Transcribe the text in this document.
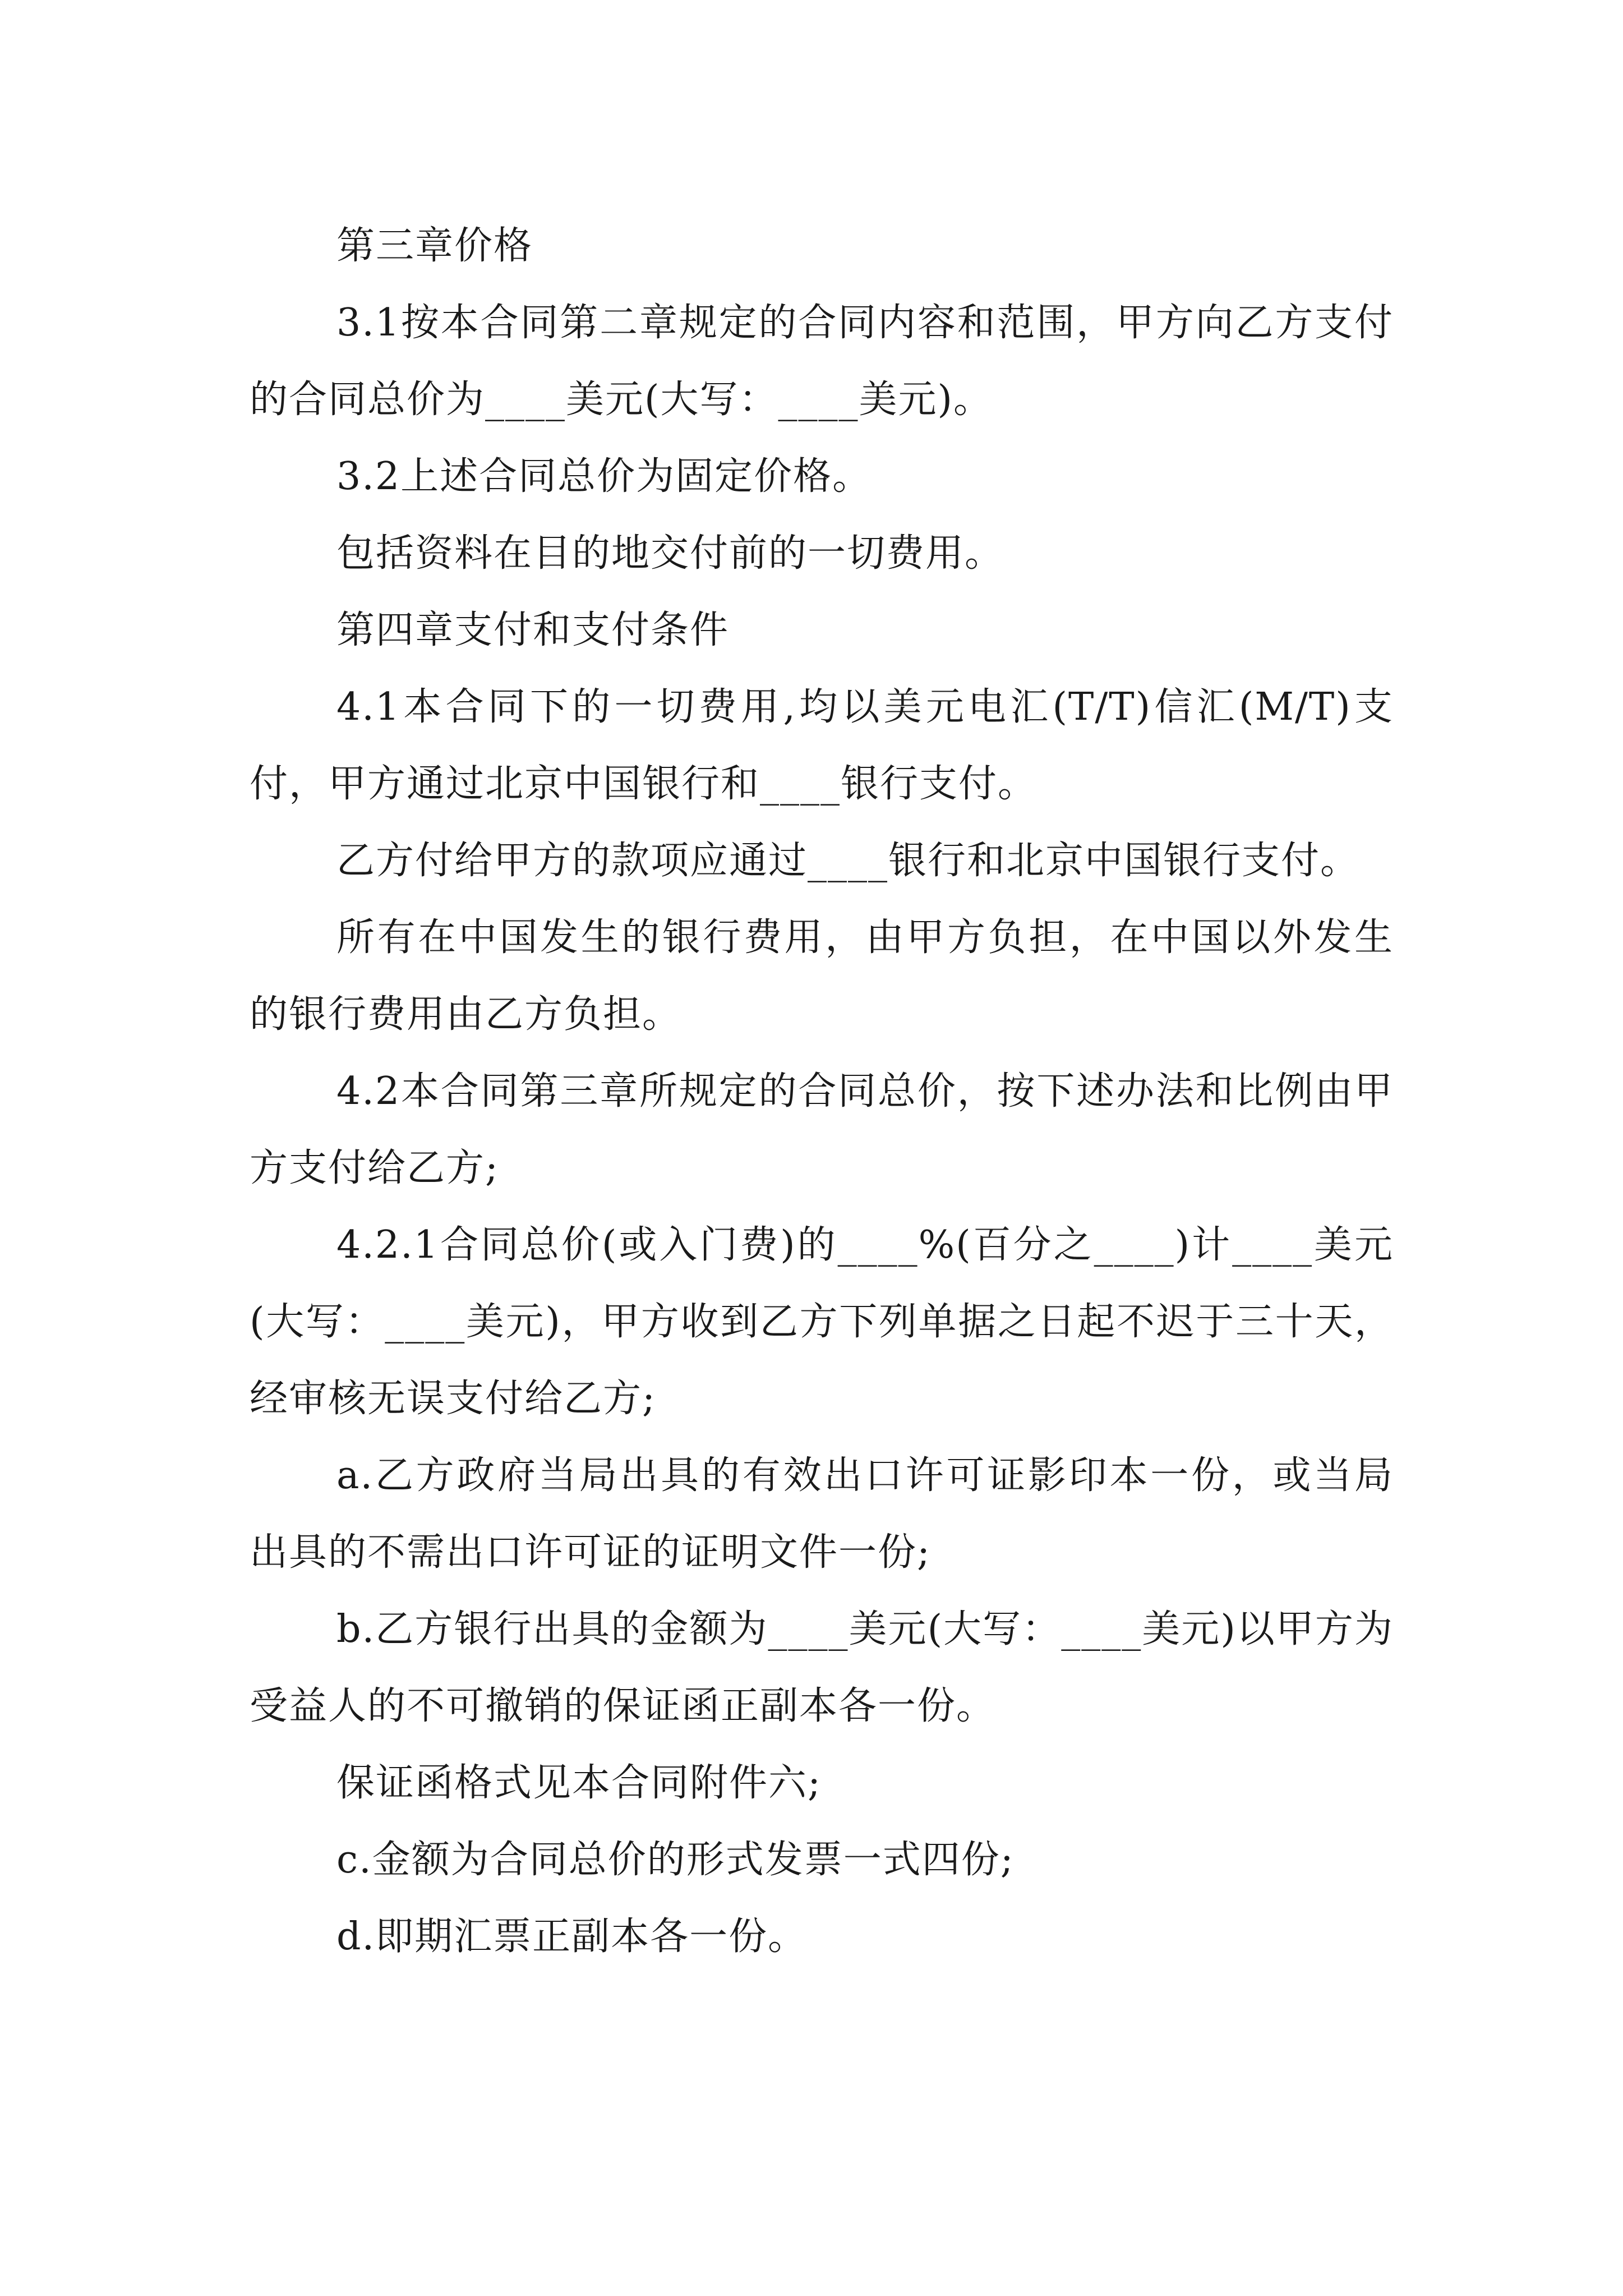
第三章价格

3.1按本合同第二章规定的合同内容和范围，甲方向乙方支付的合同总价为____美元(大写：____美元)。

3.2上述合同总价为固定价格。

包括资料在目的地交付前的一切费用。

第四章支付和支付条件

4.1本合同下的一切费用,均以美元电汇(T/T)信汇(M/T)支付，甲方通过北京中国银行和____银行支付。

乙方付给甲方的款项应通过____银行和北京中国银行支付。

所有在中国发生的银行费用，由甲方负担，在中国以外发生的银行费用由乙方负担。

4.2本合同第三章所规定的合同总价，按下述办法和比例由甲方支付给乙方;

4.2.1合同总价(或入门费)的____%(百分之____)计____美元(大写：____美元)，甲方收到乙方下列单据之日起不迟于三十天，经审核无误支付给乙方;

a.乙方政府当局出具的有效出口许可证影印本一份，或当局出具的不需出口许可证的证明文件一份;

b.乙方银行出具的金额为____美元(大写：____美元)以甲方为受益人的不可撤销的保证函正副本各一份。

保证函格式见本合同附件六;

c.金额为合同总价的形式发票一式四份;

d.即期汇票正副本各一份。
